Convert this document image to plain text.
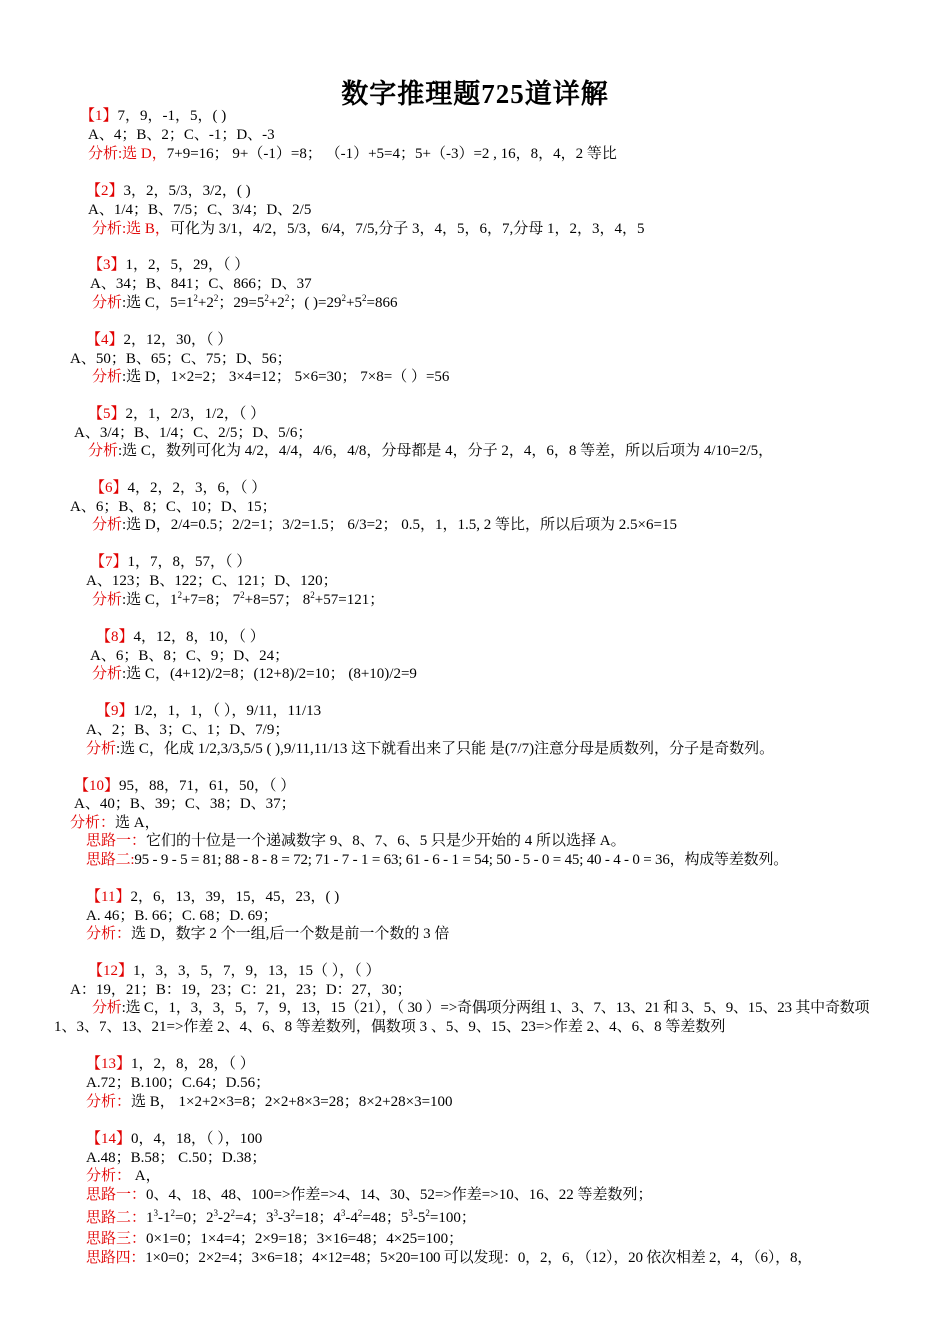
数字推理题725道详解
【1】7，9，-1，5，( )
A、4；B、2；C、-1；D、-3
分析:选 D，7+9=16； 9+（-1）=8； （-1）+5=4；5+（-3）=2 , 16，8，4，2 等比
【2】3，2，5/3，3/2，( )
A、1/4；B、7/5；C、3/4；D、2/5
分析:选 B，可化为 3/1，4/2，5/3，6/4，7/5,分子 3，4，5，6，7,分母 1，2，3，4，5
【3】1，2，5，29，（ ）
A、34；B、841；C、866；D、37
分析:选 C，$5=1^2+2^2$；$29=5^2+2^2$；( )$=29^2+5^2=866$
【4】2，12，30，（ ）
A、50；B、65；C、75；D、56；
分析:选 D，1×2=2； 3×4=12； 5×6=30； 7×8=（ ）=56
【5】2，1，2/3，1/2，（ ）
A、3/4；B、1/4；C、2/5；D、5/6；
分析:选 C，数列可化为 4/2，4/4，4/6，4/8，分母都是 4，分子 2，4，6，8 等差，所以后项为 4/10=2/5，
【6】4，2，2，3，6，（ ）
A、6；B、8；C、10；D、15；
分析:选 D，2/4=0.5；2/2=1；3/2=1.5； 6/3=2； 0.5，1，1.5, 2 等比，所以后项为 2.5×6=15
【7】1，7，8，57，（ ）
A、123；B、122；C、121；D、120；
分析:选 C，$1^2+7=8$； $7^2+8=57$； $8^2+57=121$；
【8】4，12，8，10，（ ）
A、6；B、8；C、9；D、24；
分析:选 C，(4+12)/2=8；(12+8)/2=10； (8+10)/2=9
【9】1/2，1，1，（ ），9/11，11/13
A、2；B、3；C、1；D、7/9；
分析:选 C，化成 1/2,3/3,5/5 ( ),9/11,11/13 这下就看出来了只能 是(7/7)注意分母是质数列，分子是奇数列。
【10】95，88，71，61，50，（ ）
A、40；B、39；C、38；D、37；
分析：选 A，
思路一：它们的十位是一个递减数字 9、8、7、6、5 只是少开始的 4 所以选择 A。
思路二:95 - 9 - 5 = 81; 88 - 8 - 8 = 72; 71 - 7 - 1 = 63; 61 - 6 - 1 = 54; 50 - 5 - 0 = 45; 40 - 4 - 0 = 36，构成等差数列。
【11】2，6，13，39，15，45，23，( )
A. 46；B. 66；C. 68；D. 69；
分析：选 D，数字 2 个一组,后一个数是前一个数的 3 倍
【12】1，3，3，5，7，9，13，15（ ），（ ）
A：19，21；B：19，23；C：21，23；D：27，30；
分析:选 C，1，3，3，5，7，9，13，15（21），（ 30 ）=>奇偶项分两组 1、3、7、13、21 和 3、5、9、15、23 其中奇数项
1、3、7、13、21=>作差 2、4、6、8 等差数列，偶数项 3 、5、9、15、23=>作差 2、4、6、8 等差数列
【13】1，2，8，28，（ ）
A.72；B.100；C.64；D.56；
分析：选 B， 1×2+2×3=8；2×2+8×3=28；8×2+28×3=100
【14】0，4，18，（ ），100
A.48；B.58； C.50；D.38；
分析： A，
思路一：0、4、18、48、100=>作差=>4、14、30、52=>作差=>10、16、22 等差数列；
思路二：$1^3-1^2=0$；$2^3-2^2=4$；$3^3-3^2=18$；$4^3-4^2=48$；$5^3-5^2=100$；
思路三：0×1=0；1×4=4；2×9=18；3×16=48；4×25=100；
思路四：1×0=0；2×2=4；3×6=18；4×12=48；5×20=100 可以发现：0，2，6，（12），20 依次相差 2，4，（6），8，
